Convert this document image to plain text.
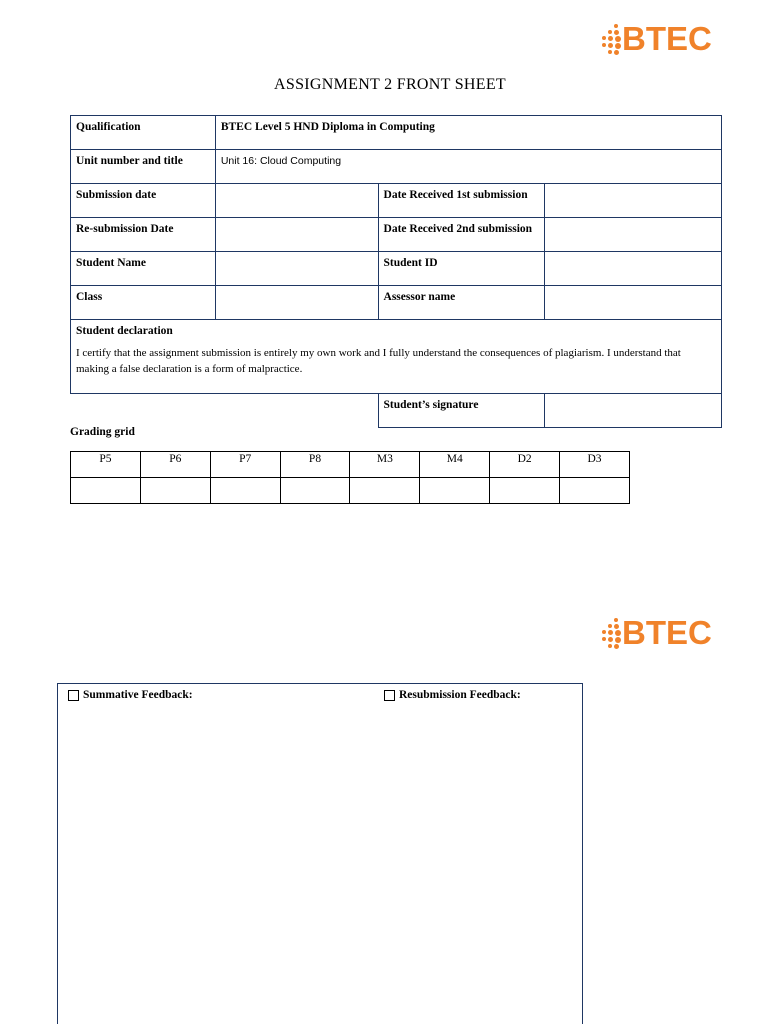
BTEC
ASSIGNMENT 2 FRONT SHEET
Qualification	BTEC Level 5 HND Diploma in Computing		
Unit number and title	Unit 16: Cloud Computing		
Submission date		Date Received 1st submission	
Re-submission Date		Date Received 2nd submission	
Student Name		Student ID	
Class		Assessor name	

Student declaration

I certify that the assignment submission is entirely my own work and I fully understand the consequences of plagiarism. I understand that making a false declaration is a form of malpractice.			

		Student’s signature	
Grading grid
P5	P6	P7	P8	M3	M4	D2	D3

BTEC
Summative Feedback:	Resubmission Feedback:
